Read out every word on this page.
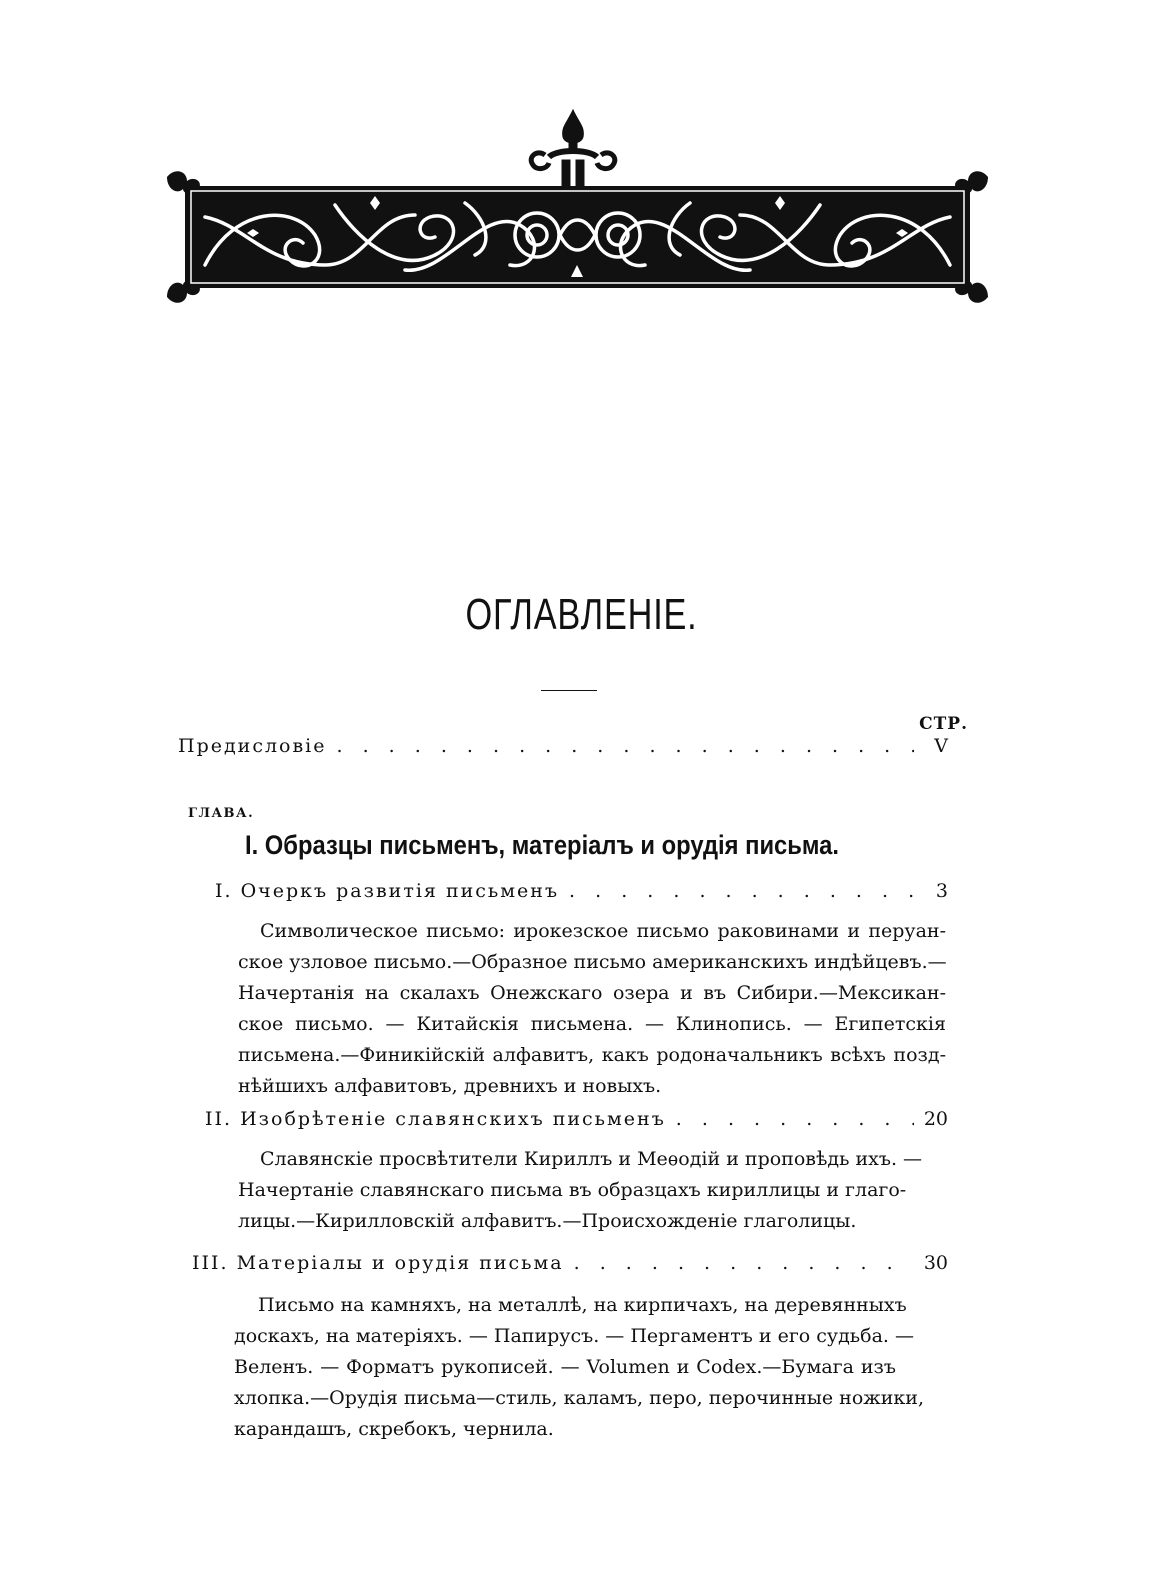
ОГЛАВЛЕНІЕ.
СТР.
Предисловіе . . .	V
ГЛАВА.
I. Образцы письменъ, матеріалъ и орудія письма.
I. Очеркъ развитія письменъ . . .	3
Символическое письмо: ирокезское письмо раковинами и перуан-
ское узловое письмо.—Образное письмо американскихъ индѣйцевъ.—
Начертанія на скалахъ Онежскаго озера и въ Сибири.—Мексикан-
ское письмо. — Китайскія письмена. — Клинопись. — Египетскія
письмена.—Финикійскій алфавитъ, какъ родоначальникъ всѣхъ позд-
нѣйшихъ алфавитовъ, древнихъ и новыхъ.
II. Изобрѣтеніе славянскихъ письменъ . . .	20
Славянскіе просвѣтители Кириллъ и Меѳодій и проповѣдь ихъ. —
Начертаніе славянскаго письма въ образцахъ кириллицы и глаго-
лицы.—Кирилловскій алфавитъ.—Происхожденіе глаголицы.
III. Матеріалы и орудія письма . . .	30
Письмо на камняхъ, на металлѣ, на кирпичахъ, на деревянныхъ
доскахъ, на матеріяхъ. — Папирусъ. — Пергаментъ и его судьба. —
Веленъ. — Форматъ рукописей. — Volumen и Codex.—Бумага изъ
хлопка.—Орудія письма—стиль, каламъ, перо, перочинные ножики,
карандашъ, скребокъ, чернила.
